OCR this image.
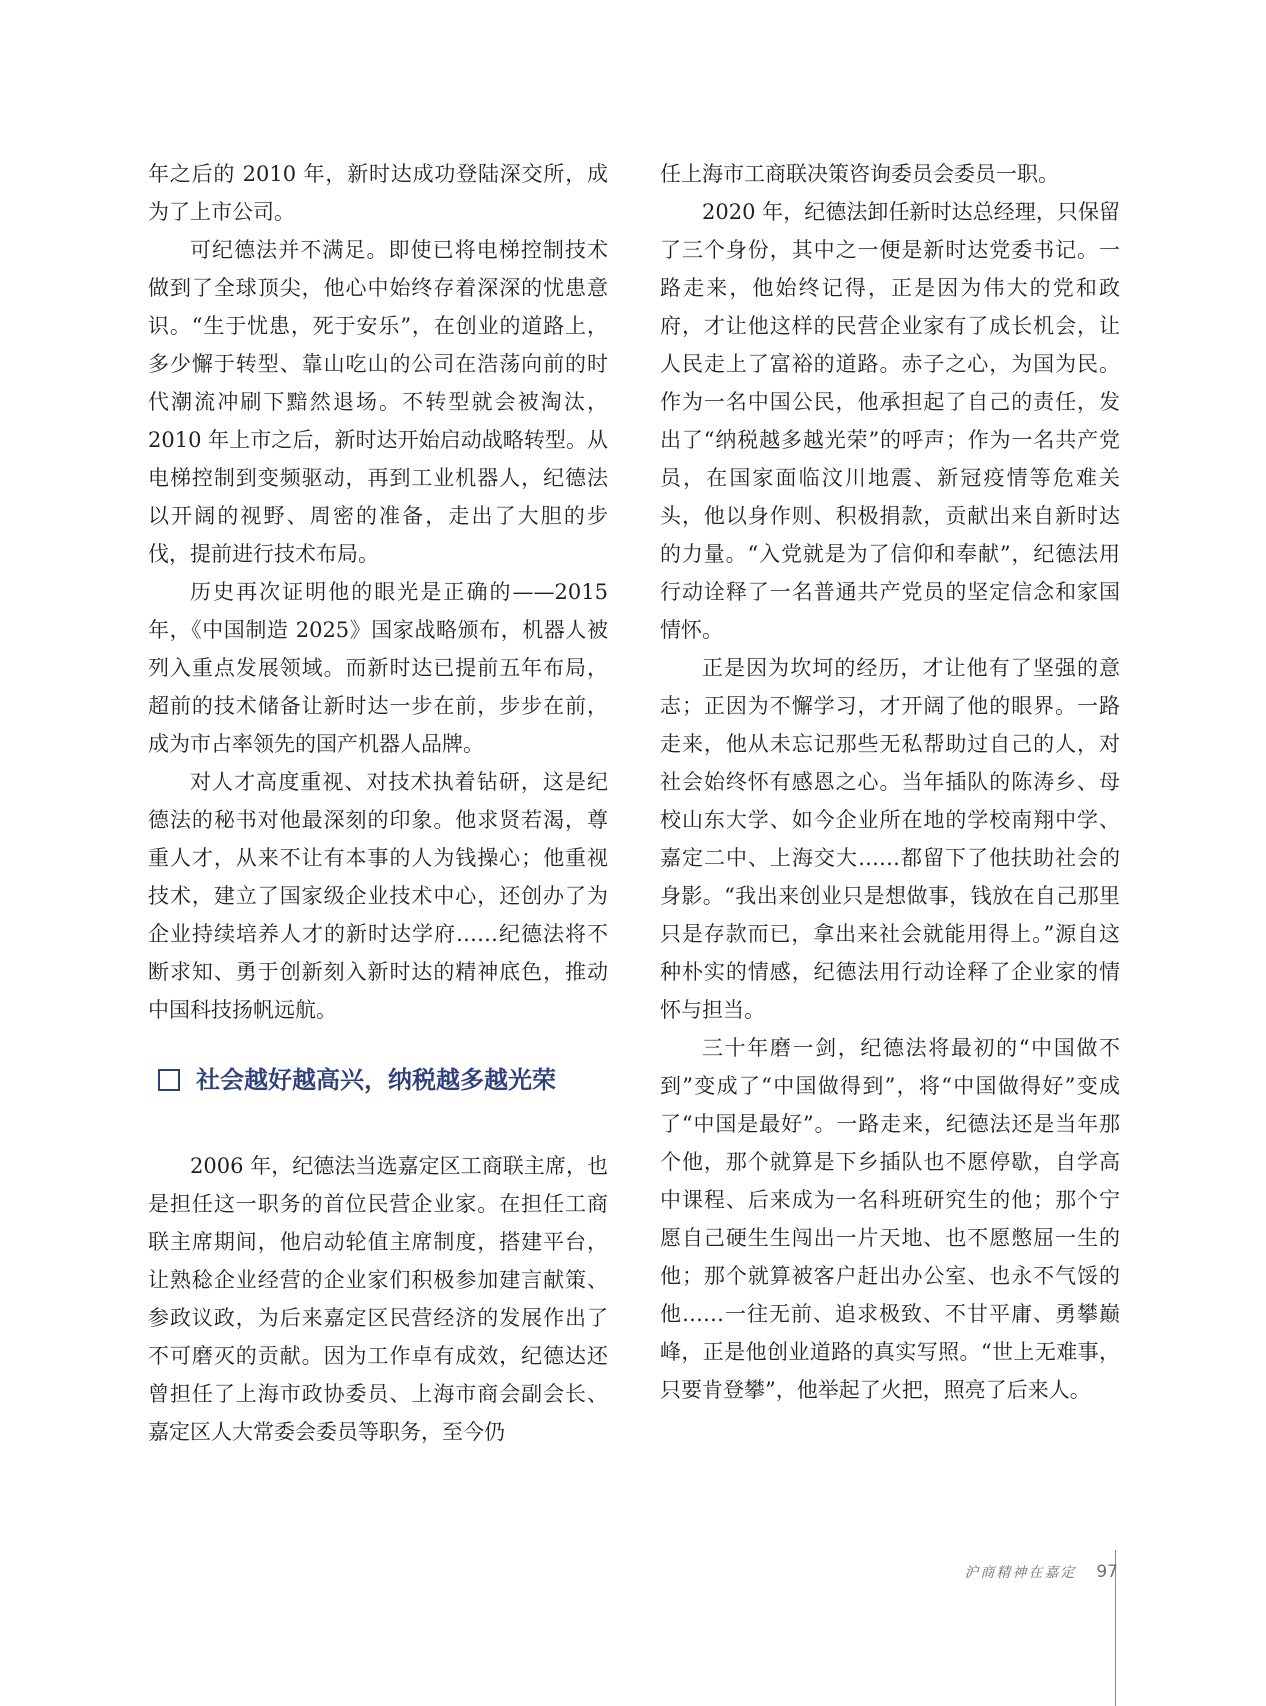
年之后的 2010 年，新时达成功登陆深交所，成为了上市公司。

可纪德法并不满足。即使已将电梯控制技术做到了全球顶尖，他心中始终存着深深的忧患意识。“生于忧患，死于安乐”，在创业的道路上，多少懈于转型、靠山吃山的公司在浩荡向前的时代潮流冲刷下黯然退场。不转型就会被淘汰，2010 年上市之后，新时达开始启动战略转型。从电梯控制到变频驱动，再到工业机器人，纪德法以开阔的视野、周密的准备，走出了大胆的步伐，提前进行技术布局。

历史再次证明他的眼光是正确的——2015 年，《中国制造 2025》国家战略颁布，机器人被列入重点发展领域。而新时达已提前五年布局，超前的技术储备让新时达一步在前，步步在前，成为市占率领先的国产机器人品牌。

对人才高度重视、对技术执着钻研，这是纪德法的秘书对他最深刻的印象。他求贤若渴，尊重人才，从来不让有本事的人为钱操心；他重视技术，建立了国家级企业技术中心，还创办了为企业持续培养人才的新时达学府……纪德法将不断求知、勇于创新刻入新时达的精神底色，推动中国科技扬帆远航。

社会越好越高兴，纳税越多越光荣

2006 年，纪德法当选嘉定区工商联主席，也是担任这一职务的首位民营企业家。在担任工商联主席期间，他启动轮值主席制度，搭建平台，让熟稔企业经营的企业家们积极参加建言献策、参政议政，为后来嘉定区民营经济的发展作出了不可磨灭的贡献。因为工作卓有成效，纪德达还曾担任了上海市政协委员、上海市商会副会长、嘉定区人大常委会委员等职务，至今仍

任上海市工商联决策咨询委员会委员一职。

2020 年，纪德法卸任新时达总经理，只保留了三个身份，其中之一便是新时达党委书记。一路走来，他始终记得，正是因为伟大的党和政府，才让他这样的民营企业家有了成长机会，让人民走上了富裕的道路。赤子之心，为国为民。作为一名中国公民，他承担起了自己的责任，发出了“纳税越多越光荣”的呼声；作为一名共产党员，在国家面临汶川地震、新冠疫情等危难关头，他以身作则、积极捐款，贡献出来自新时达的力量。“入党就是为了信仰和奉献”，纪德法用行动诠释了一名普通共产党员的坚定信念和家国情怀。

正是因为坎坷的经历，才让他有了坚强的意志；正因为不懈学习，才开阔了他的眼界。一路走来，他从未忘记那些无私帮助过自己的人，对社会始终怀有感恩之心。当年插队的陈涛乡、母校山东大学、如今企业所在地的学校南翔中学、嘉定二中、上海交大……都留下了他扶助社会的身影。“我出来创业只是想做事，钱放在自己那里只是存款而已，拿出来社会就能用得上。”源自这种朴实的情感，纪德法用行动诠释了企业家的情怀与担当。

三十年磨一剑，纪德法将最初的“中国做不到”变成了“中国做得到”，将“中国做得好”变成了“中国是最好”。一路走来，纪德法还是当年那个他，那个就算是下乡插队也不愿停歇，自学高中课程、后来成为一名科班研究生的他；那个宁愿自己硬生生闯出一片天地、也不愿憋屈一生的他；那个就算被客户赶出办公室、也永不气馁的他……一往无前、追求极致、不甘平庸、勇攀巅峰，正是他创业道路的真实写照。“世上无难事，只要肯登攀”，他举起了火把，照亮了后来人。

沪商精神在嘉定 97
